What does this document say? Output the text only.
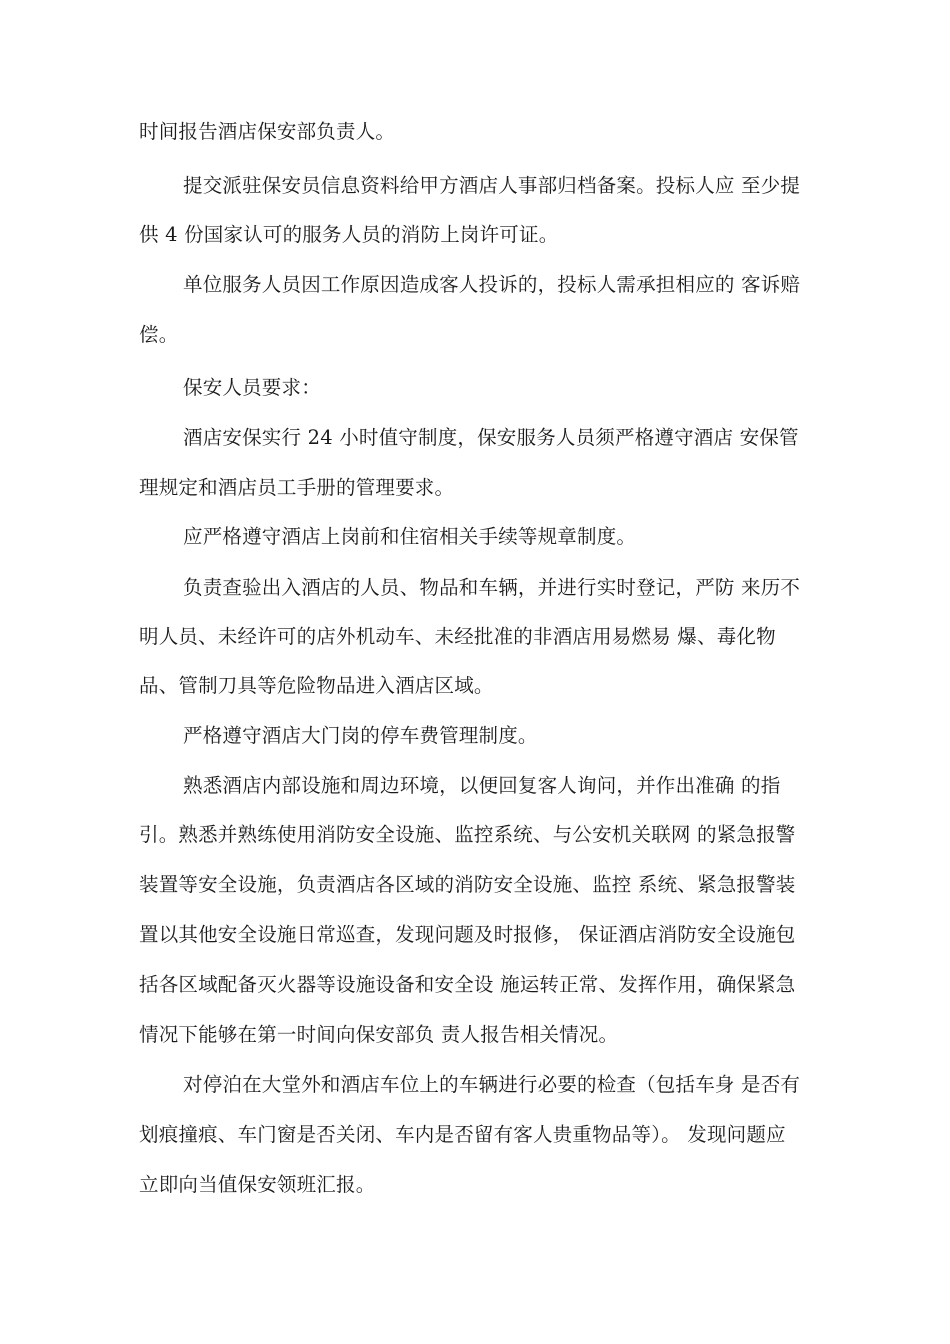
时间报告酒店保安部负责人。
提交派驻保安员信息资料给甲方酒店人事部归档备案。投标人应 至少提
供 4 份国家认可的服务人员的消防上岗许可证。
单位服务人员因工作原因造成客人投诉的，投标人需承担相应的 客诉赔
偿。
保安人员要求：
酒店安保实行 24 小时值守制度，保安服务人员须严格遵守酒店 安保管
理规定和酒店员工手册的管理要求。
应严格遵守酒店上岗前和住宿相关手续等规章制度。
负责查验出入酒店的人员、物品和车辆，并进行实时登记，严防 来历不
明人员、未经许可的店外机动车、未经批准的非酒店用易燃易 爆、毒化物
品、管制刀具等危险物品进入酒店区域。
严格遵守酒店大门岗的停车费管理制度。
熟悉酒店内部设施和周边环境，以便回复客人询问，并作出准确 的指
引。熟悉并熟练使用消防安全设施、监控系统、与公安机关联网 的紧急报警
装置等安全设施，负责酒店各区域的消防安全设施、监控 系统、紧急报警装
置以其他安全设施日常巡查，发现问题及时报修， 保证酒店消防安全设施包
括各区域配备灭火器等设施设备和安全设 施运转正常、发挥作用，确保紧急
情况下能够在第一时间向保安部负 责人报告相关情况。
对停泊在大堂外和酒店车位上的车辆进行必要的检查（包括车身 是否有
划痕撞痕、车门窗是否关闭、车内是否留有客人贵重物品等）。 发现问题应
立即向当值保安领班汇报。
